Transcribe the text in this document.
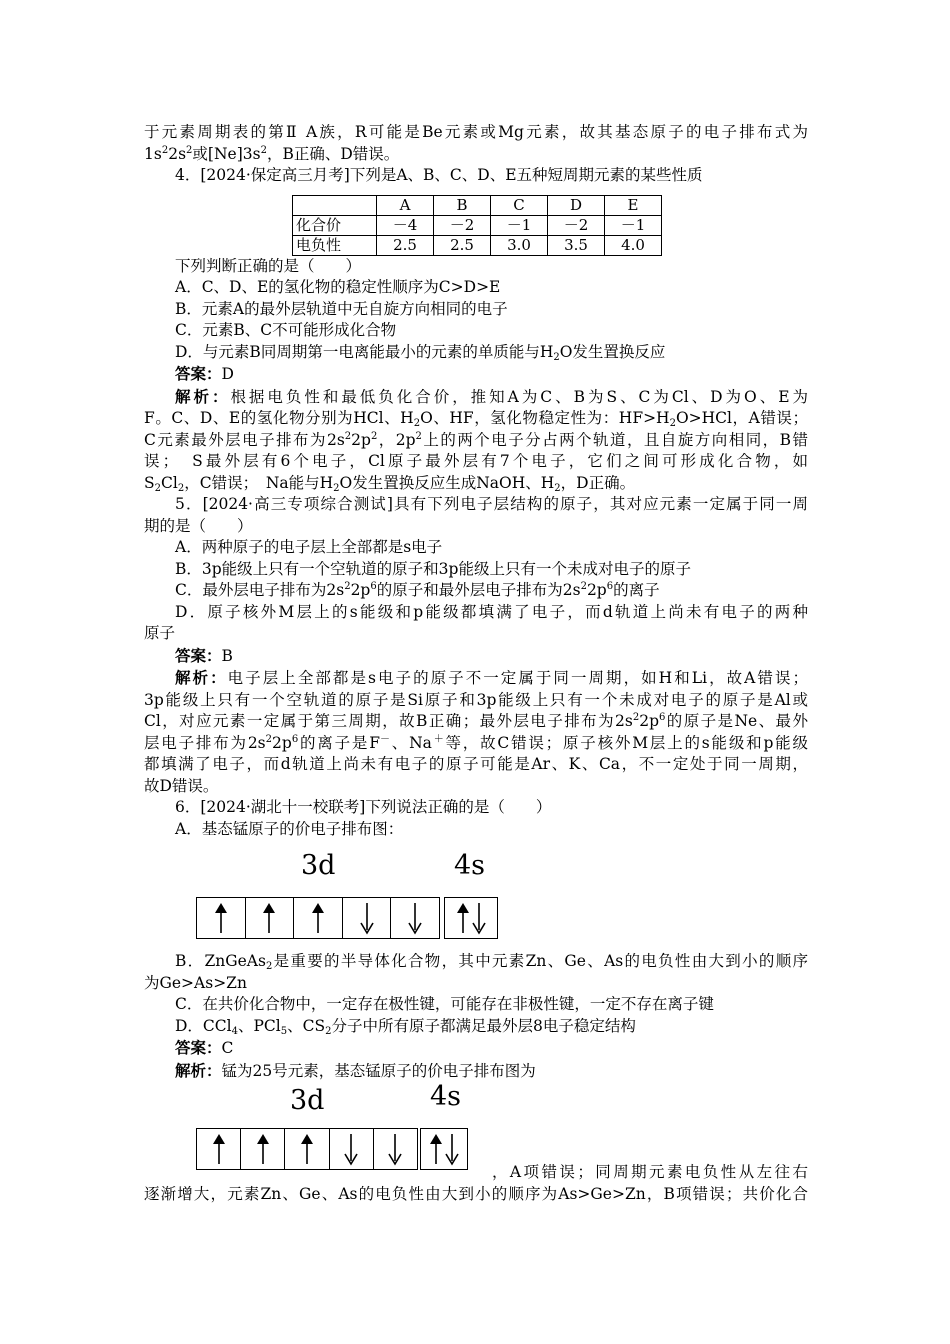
于元素周期表的第Ⅱ A族，R可能是Be元素或Mg元素，故其基态原子的电子排布式为
$1s^22s^2$或$[Ne]3s^2$，B正确、D错误。
4．[2024·保定高三月考]下列是A、B、C、D、E五种短周期元素的某些性质
	A	B	C	D	E
化合价	－4	－2	－1	－2	－1
电负性	2.5	2.5	3.0	3.5	4.0
下列判断正确的是（　　）
A．C、D、E的氢化物的稳定性顺序为C>D>E
B．元素A的最外层轨道中无自旋方向相同的电子
C．元素B、C不可能形成化合物
D．与元素B同周期第一电离能最小的元素的单质能与$H_2O$发生置换反应
答案：D
解析：根据电负性和最低负化合价，推知A为C、B为S、C为Cl、D为O、E为
F。C、D、E的氢化物分别为HCl、$H_2O$、HF，氢化物稳定性为：$HF>H_2O>HCl$，A错误；
C元素最外层电子排布为$2s^22p^2$，$2p^2$上的两个电子分占两个轨道，且自旋方向相同，B错
误；　S最外层有6个电子，Cl原子最外层有7个电子，它们之间可形成化合物，如
$S_2Cl_2$，C错误；　Na能与$H_2O$发生置换反应生成NaOH、$H_2$，D正确。
5．[2024·高三专项综合测试]具有下列电子层结构的原子，其对应元素一定属于同一周
期的是（　　）
A．两种原子的电子层上全部都是s电子
B．3p能级上只有一个空轨道的原子和3p能级上只有一个未成对电子的原子
C．最外层电子排布为$2s^22p^6$的原子和最外层电子排布为$2s^22p^6$的离子
D．原子核外M层上的s能级和p能级都填满了电子，而d轨道上尚未有电子的两种
原子
答案：B
解析：电子层上全部都是s电子的原子不一定属于同一周期，如H和Li，故A错误；
3p能级上只有一个空轨道的原子是Si原子和3p能级上只有一个未成对电子的原子是Al或
Cl，对应元素一定属于第三周期，故B正确；最外层电子排布为$2s^22p^6$的原子是Ne、最外
层电子排布为$2s^22p^6$的离子是F－、Na＋等，故C错误；原子核外M层上的s能级和p能级
都填满了电子，而d轨道上尚未有电子的原子可能是Ar、K、Ca，不一定处于同一周期，
故D错误。
6．[2024·湖北十一校联考]下列说法正确的是（　　）
A．基态锰原子的价电子排布图：
3d	4s
B．ZnGeAs$_2$是重要的半导体化合物，其中元素Zn、Ge、As的电负性由大到小的顺序
为Ge>As>Zn
C．在共价化合物中，一定存在极性键，可能存在非极性键，一定不存在离子键
D．CCl$_4$、PCl$_5$、$CS_2$分子中所有原子都满足最外层8电子稳定结构
答案：C
解析：锰为25号元素，基态锰原子的价电子排布图为
3d	4s
，A项错误；同周期元素电负性从左往右
逐渐增大，元素Zn、Ge、As的电负性由大到小的顺序为As>Ge>Zn，B项错误；共价化合
